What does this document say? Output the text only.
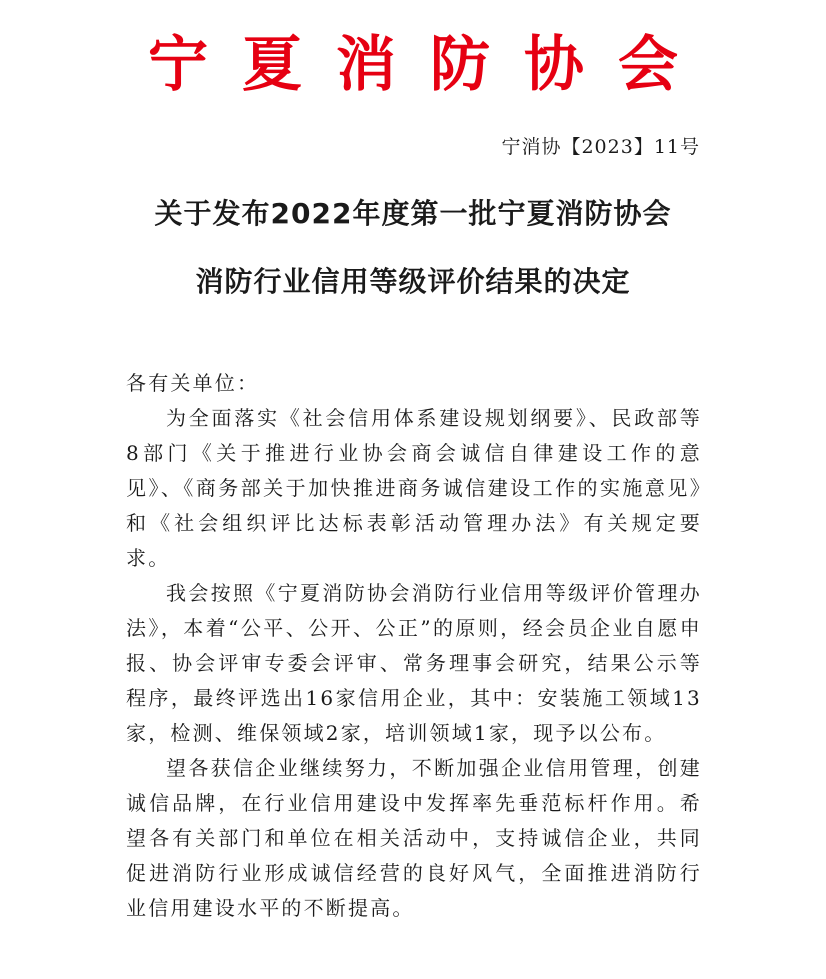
宁夏消防协会
宁消协【2023】11号
关于发布2022年度第一批宁夏消防协会
消防行业信用等级评价结果的决定

各有关单位：

为全面落实《社会信用体系建设规划纲要》、民政部等8部门《关于推进行业协会商会诚信自律建设工作的意见》、《商务部关于加快推进商务诚信建设工作的实施意见》和《社会组织评比达标表彰活动管理办法》有关规定要求。

我会按照《宁夏消防协会消防行业信用等级评价管理办法》，本着“公平、公开、公正”的原则，经会员企业自愿申报、协会评审专委会评审、常务理事会研究，结果公示等程序，最终评选出16家信用企业，其中：安装施工领域13家，检测、维保领域2家，培训领域1家，现予以公布。

望各获信企业继续努力，不断加强企业信用管理，创建诚信品牌，在行业信用建设中发挥率先垂范标杆作用。希望各有关部门和单位在相关活动中，支持诚信企业，共同促进消防行业形成诚信经营的良好风气，全面推进消防行业信用建设水平的不断提高。
